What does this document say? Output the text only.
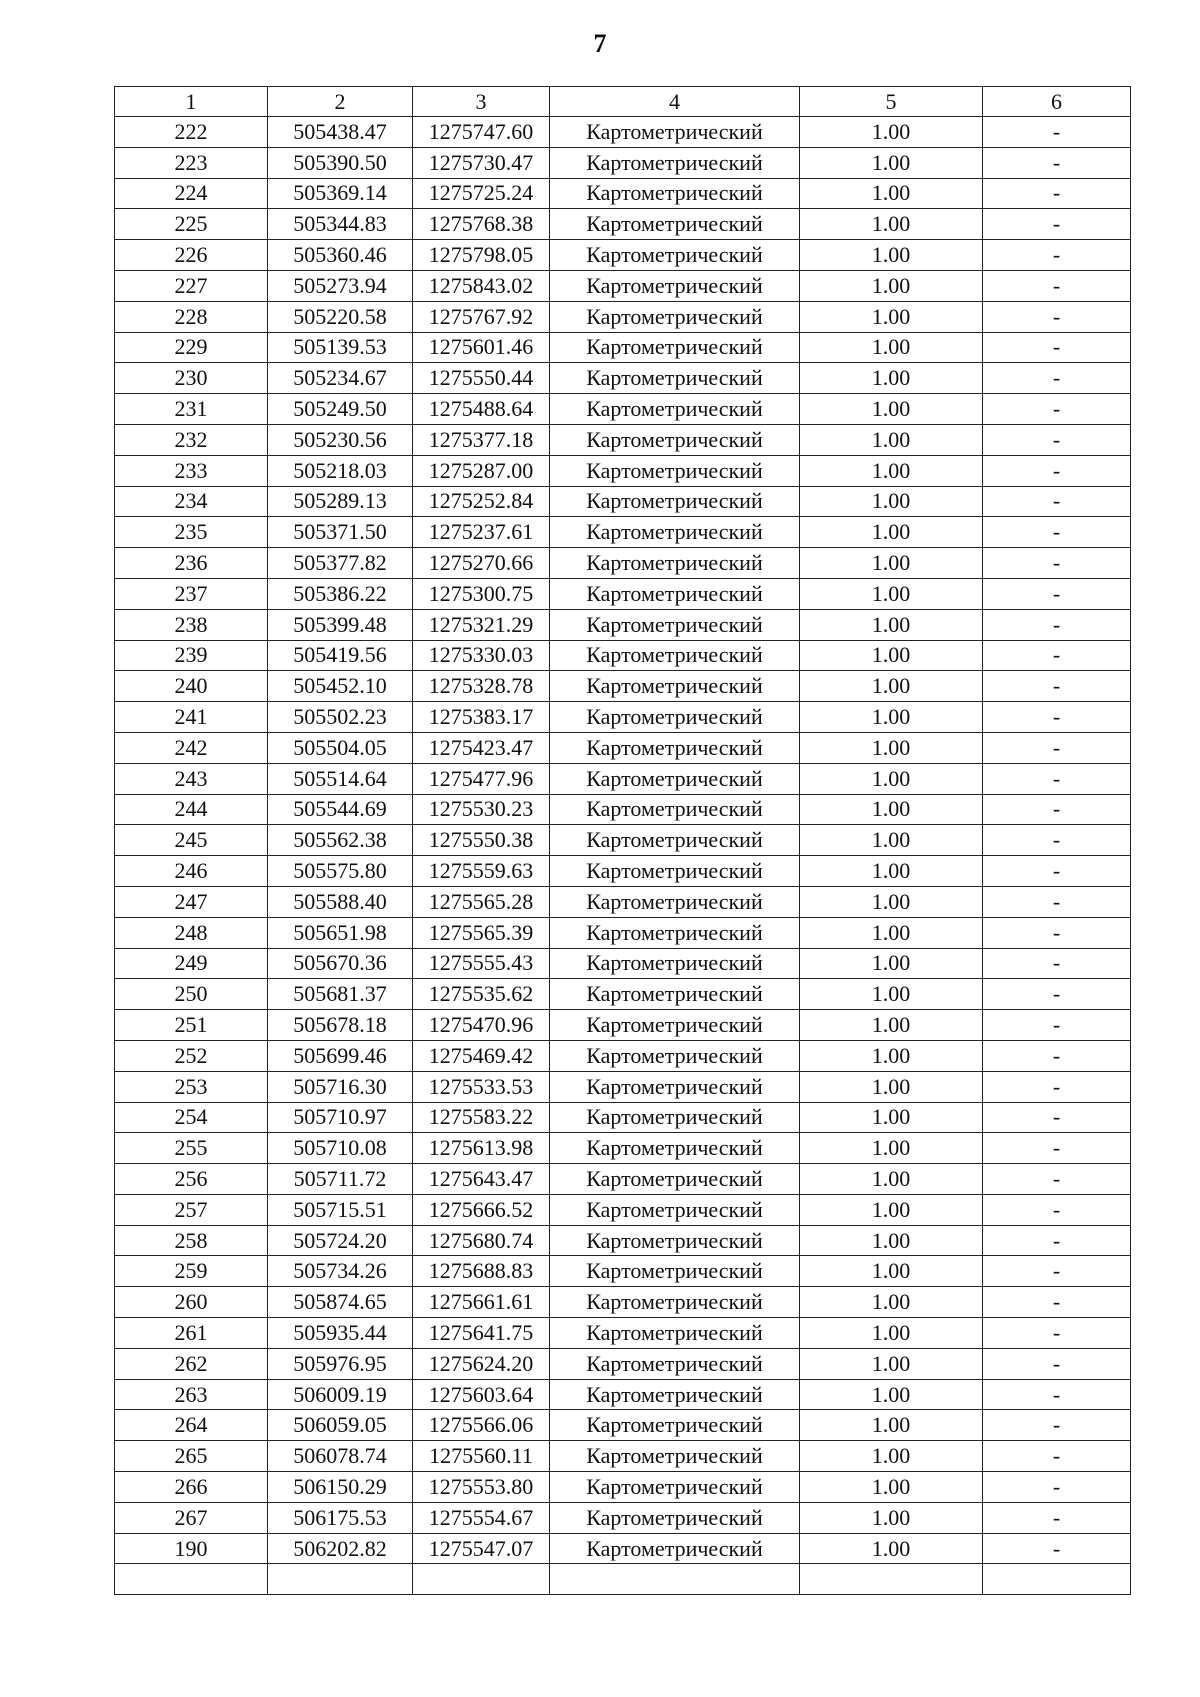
7
1	2	3	4	5	6
222	505438.47	1275747.60	Картометрический	1.00	-
223	505390.50	1275730.47	Картометрический	1.00	-
224	505369.14	1275725.24	Картометрический	1.00	-
225	505344.83	1275768.38	Картометрический	1.00	-
226	505360.46	1275798.05	Картометрический	1.00	-
227	505273.94	1275843.02	Картометрический	1.00	-
228	505220.58	1275767.92	Картометрический	1.00	-
229	505139.53	1275601.46	Картометрический	1.00	-
230	505234.67	1275550.44	Картометрический	1.00	-
231	505249.50	1275488.64	Картометрический	1.00	-
232	505230.56	1275377.18	Картометрический	1.00	-
233	505218.03	1275287.00	Картометрический	1.00	-
234	505289.13	1275252.84	Картометрический	1.00	-
235	505371.50	1275237.61	Картометрический	1.00	-
236	505377.82	1275270.66	Картометрический	1.00	-
237	505386.22	1275300.75	Картометрический	1.00	-
238	505399.48	1275321.29	Картометрический	1.00	-
239	505419.56	1275330.03	Картометрический	1.00	-
240	505452.10	1275328.78	Картометрический	1.00	-
241	505502.23	1275383.17	Картометрический	1.00	-
242	505504.05	1275423.47	Картометрический	1.00	-
243	505514.64	1275477.96	Картометрический	1.00	-
244	505544.69	1275530.23	Картометрический	1.00	-
245	505562.38	1275550.38	Картометрический	1.00	-
246	505575.80	1275559.63	Картометрический	1.00	-
247	505588.40	1275565.28	Картометрический	1.00	-
248	505651.98	1275565.39	Картометрический	1.00	-
249	505670.36	1275555.43	Картометрический	1.00	-
250	505681.37	1275535.62	Картометрический	1.00	-
251	505678.18	1275470.96	Картометрический	1.00	-
252	505699.46	1275469.42	Картометрический	1.00	-
253	505716.30	1275533.53	Картометрический	1.00	-
254	505710.97	1275583.22	Картометрический	1.00	-
255	505710.08	1275613.98	Картометрический	1.00	-
256	505711.72	1275643.47	Картометрический	1.00	-
257	505715.51	1275666.52	Картометрический	1.00	-
258	505724.20	1275680.74	Картометрический	1.00	-
259	505734.26	1275688.83	Картометрический	1.00	-
260	505874.65	1275661.61	Картометрический	1.00	-
261	505935.44	1275641.75	Картометрический	1.00	-
262	505976.95	1275624.20	Картометрический	1.00	-
263	506009.19	1275603.64	Картометрический	1.00	-
264	506059.05	1275566.06	Картометрический	1.00	-
265	506078.74	1275560.11	Картометрический	1.00	-
266	506150.29	1275553.80	Картометрический	1.00	-
267	506175.53	1275554.67	Картометрический	1.00	-
190	506202.82	1275547.07	Картометрический	1.00	-
